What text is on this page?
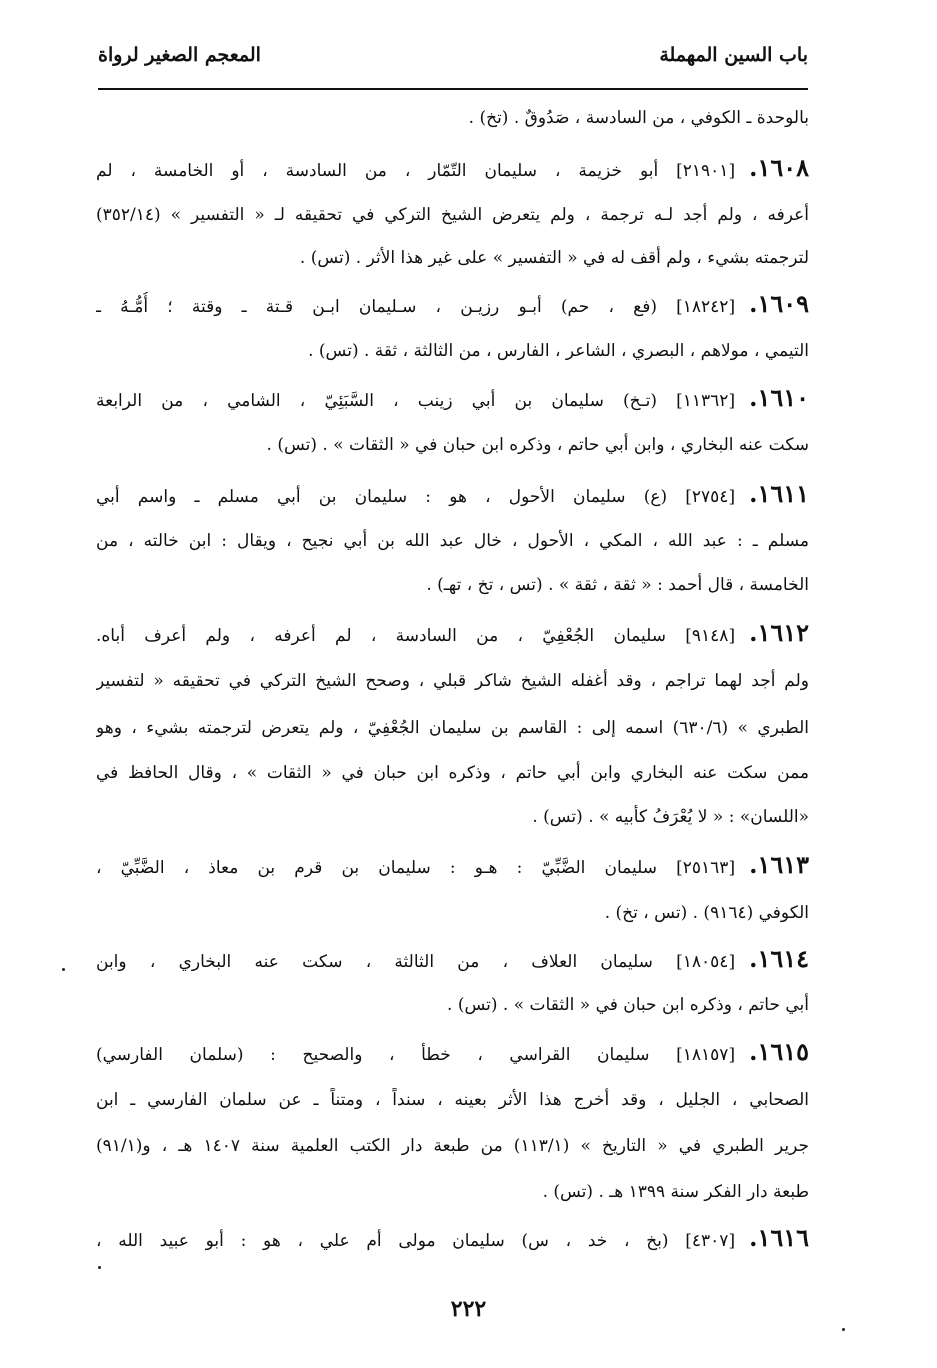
باب السين المهملة
المعجم الصغير لرواة
بالوحدة ـ الكوفي ، من السادسة ، صَدُوقٌ . (تخ) .
١٦٠٨.[٢١٩٠١] أبو خزيمة ، سليمان التّمّار ، من السادسة ، أو الخامسة ، لم
أعرفه ، ولم أجد لـه ترجمة ، ولم يتعرض الشيخ التركي في تحقيقه لـ « التفسير » (٣٥٢/١٤)
لترجمته بشيء ، ولم أقف له في « التفسير » على غير هذا الأثر . (تس) .
١٦٠٩.[١٨٢٤٢] (فع ، حم) أبـو رزيـن ، سـليمان ابـن قـتة ـ وقتة ؛ أُمُّـهُ ـ
التيمي ، مولاهم ، البصري ، الشاعر ، الفارس ، من الثالثة ، ثقة . (تس) .
١٦١٠.[١١٣٦٢] (تـخ) سليمان بن أبي زينب ، السَّبَئِيّ ، الشامي ، من الرابعة
سكت عنه البخاري ، وابن أبي حاتم ، وذكره ابن حبان في « الثقات » . (تس) .
١٦١١.[٢٧٥٤] (ع) سليمان الأحول ، هو : سليمان بن أبي مسلم ـ واسم أبي
مسلم ـ : عبد الله ، المكي ، الأحول ، خال عبد الله بن أبي نجيح ، ويقال : ابن خالته ، من
الخامسة ، قال أحمد : « ثقة ، ثقة » . (تس ، تخ ، تهـ) .
١٦١٢.[٩١٤٨] سليمان الجُعْفِيّ ، من السادسة ، لم أعرفه ، ولم أعرف أباه.
ولم أجد لهما تراجم ، وقد أغفله الشيخ شاكر قبلي ، وصحح الشيخ التركي في تحقيقه « لتفسير
الطبري » (٦٣٠/٦) اسمه إلى : القاسم بن سليمان الجُعْفِيّ ، ولم يتعرض لترجمته بشيء ، وهو
ممن سكت عنه البخاري وابن أبي حاتم ، وذكره ابن حبان في « الثقات » ، وقال الحافظ في
«اللسان» : « لا يُعْرَفُ كأبيه » . (تس) .
١٦١٣.[٢٥١٦٣] سليمان الضَّبِّيّ : هـو : سليمان بن قرم بن معاذ ، الضَّبِّيّ ،
الكوفي (٩١٦٤) . (تس ، تخ) .
١٦١٤.[١٨٠٥٤] سليمان العلاف ، من الثالثة ، سكت عنه البخاري ، وابن
أبي حاتم ، وذكره ابن حبان في « الثقات » . (تس) .
١٦١٥.[١٨١٥٧] سليمان القراسي ، خطأ ، والصحيح : (سلمان الفارسي)
الصحابي ، الجليل ، وقد أخرج هذا الأثر بعينه ، سنداً ، ومتناً ـ عن سلمان الفارسي ـ ابن
جرير الطبري في « التاريخ » (١١٣/١) من طبعة دار الكتب العلمية سنة ١٤٠٧ هـ ، و(٩١/١)
طبعة دار الفكر سنة ١٣٩٩ هـ . (تس) .
١٦١٦.[٤٣٠٧] (بخ ، خد ، س) سليمان مولى أم علي ، هو : أبو عبيد الله ،
٢٢٢
